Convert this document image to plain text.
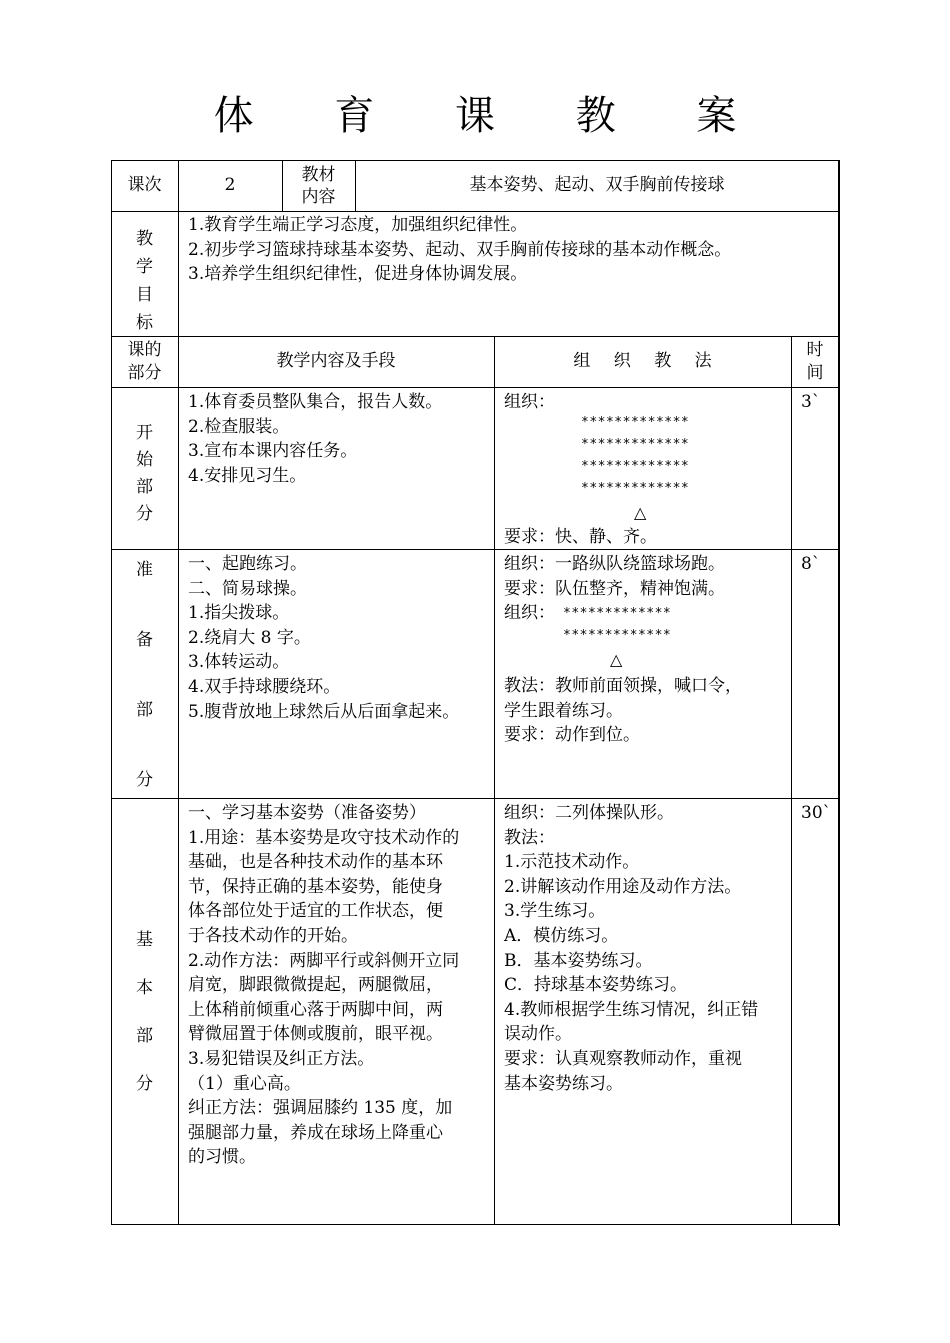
体 育 课 教 案
课次	2
教材
内容
基本姿势、起动、双手胸前传接球
教
学
目
标
1.教育学生端正学习态度，加强组织纪律性。
2.初步学习篮球持球基本姿势、起动、双手胸前传接球的基本动作概念。
3.培养学生组织纪律性，促进身体协调发展。
课的
部分
教学内容及手段	组 织 教 法
时
间
开
始
部
分
1.体育委员整队集合，报告人数。
2.检查服装。
3.宣布本课内容任务。
4.安排见习生。
组织：
*************
*************
*************
*************
△
要求：快、静、齐。
3`
准
备
部
分
一、起跑练习。
二、简易球操。
1.指尖拨球。
2.绕肩大 8 字。
3.体转运动。
4.双手持球腰绕环。
5.腹背放地上球然后从后面拿起来。
组织：一路纵队绕篮球场跑。
要求：队伍整齐，精神饱满。
组织： *************
*************
△
教法：教师前面领操，喊口令，
学生跟着练习。
要求：动作到位。
8`
基
本
部
分
一、学习基本姿势（准备姿势）
1.用途：基本姿势是攻守技术动作的
基础，也是各种技术动作的基本环
节，保持正确的基本姿势，能使身
体各部位处于适宜的工作状态，便
于各技术动作的开始。
2.动作方法：两脚平行或斜侧开立同
肩宽，脚跟微微提起，两腿微屈，
上体稍前倾重心落于两脚中间，两
臂微屈置于体侧或腹前，眼平视。
3.易犯错误及纠正方法。
（1）重心高。
纠正方法：强调屈膝约 135 度，加
强腿部力量，养成在球场上降重心
的习惯。
组织：二列体操队形。
教法：
1.示范技术动作。
2.讲解该动作用途及动作方法。
3.学生练习。
A．模仿练习。
B．基本姿势练习。
C．持球基本姿势练习。
4.教师根据学生练习情况，纠正错
误动作。
要求：认真观察教师动作，重视
基本姿势练习。
30`
